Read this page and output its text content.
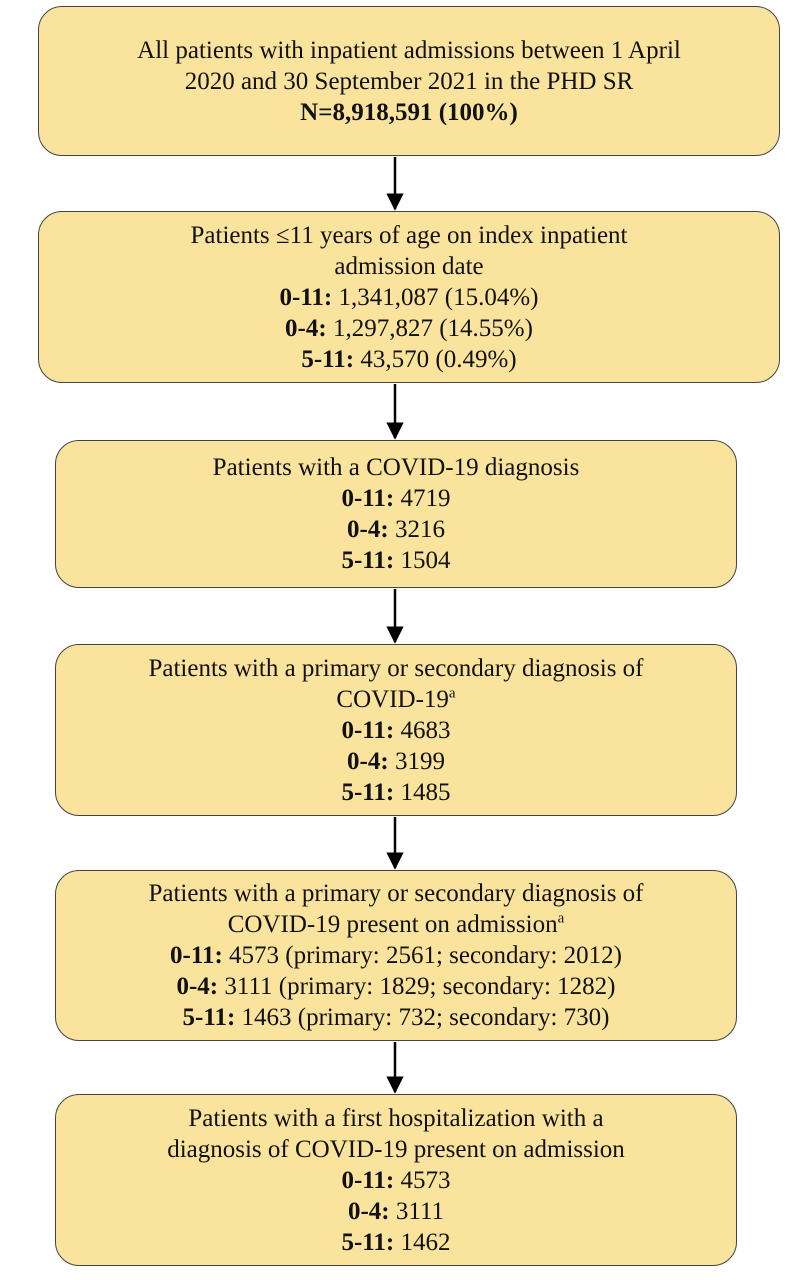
All patients with inpatient admissions between 1 April
2020 and 30 September 2021 in the PHD SR
N=8,918,591 (100%)
Patients ≤11 years of age on index inpatient
admission date
0-11: 1,341,087 (15.04%)
0-4: 1,297,827 (14.55%)
5-11: 43,570 (0.49%)
Patients with a COVID-19 diagnosis
0-11: 4719
0-4: 3216
5-11: 1504
Patients with a primary or secondary diagnosis of
COVID-19$^a$
0-11: 4683
0-4: 3199
5-11: 1485
Patients with a primary or secondary diagnosis of
COVID-19 present on admission$^a$
0-11: 4573 (primary: 2561; secondary: 2012)
0-4: 3111 (primary: 1829; secondary: 1282)
5-11: 1463 (primary: 732; secondary: 730)
Patients with a first hospitalization with a
diagnosis of COVID-19 present on admission
0-11: 4573
0-4: 3111
5-11: 1462
